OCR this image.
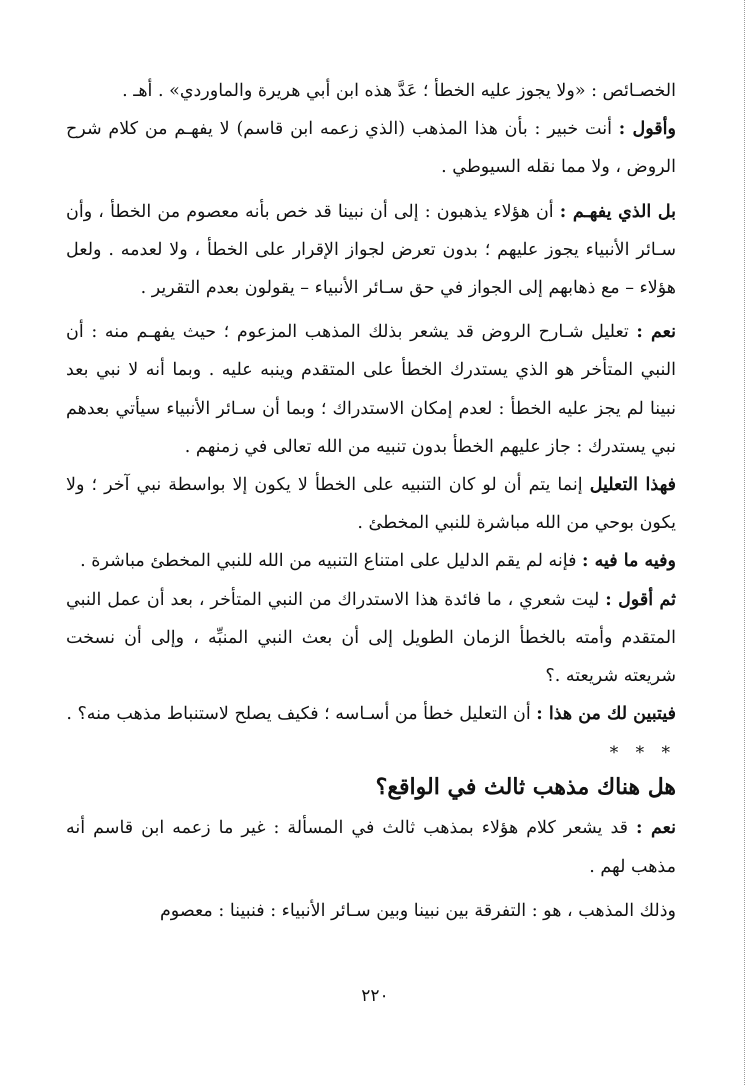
الخصـائص : «ولا يجوز عليه الخطأ ؛ عَدَّ هذه ابن أبي هريرة والماوردي» . أهـ .

وأقول : أنت خبير : بأن هذا المذهب (الذي زعمه ابن قاسم) لا يفهـم من كلام شرح الروض ، ولا مما نقله السيوطي .

بل الذي يفهـم : أن هؤلاء يذهبون : إلى أن نبينا قد خص بأنه معصوم من الخطأ ، وأن سـائر الأنبياء يجوز عليهم ؛ بدون تعرض لجواز الإقرار على الخطأ ، ولا لعدمه . ولعل هؤلاء – مع ذهابهم إلى الجواز في حق سـائر الأنبياء – يقولون بعدم التقرير .

نعم : تعليل شـارح الروض قد يشعر بذلك المذهب المزعوم ؛ حيث يفهـم منه : أن النبي المتأخر هو الذي يستدرك الخطأ على المتقدم وينبه عليه . وبما أنه لا نبي بعد نبينا لم يجز عليه الخطأ : لعدم إمكان الاستدراك ؛ وبما أن سـائر الأنبياء سيأتي بعدهم نبي يستدرك : جاز عليهم الخطأ بدون تنبيه من الله تعالى في زمنهم .

فهذا التعليل إنما يتم أن لو كان التنبيه على الخطأ لا يكون إلا بواسطة نبي آخر ؛ ولا يكون بوحي من الله مباشرة للنبي المخطئ .

وفيه ما فيه : فإنه لم يقم الدليل على امتناع التنبيه من الله للنبي المخطئ مباشرة .

ثم أقول : ليت شعري ، ما فائدة هذا الاستدراك من النبي المتأخر ، بعد أن عمل النبي المتقدم وأمته بالخطأ الزمان الطويل إلى أن بعث النبي المنبِّه ، وإلى أن نسخت شريعته شريعته .؟

فيتبين لك من هذا : أن التعليل خطأ من أسـاسه ؛ فكيف يصلح لاستنباط مذهب منه؟ .

* * *
هل هناك مذهب ثالث في الواقع؟

نعم : قد يشعر كلام هؤلاء بمذهب ثالث في المسألة : غير ما زعمه ابن قاسم أنه مذهب لهم .

وذلك المذهب ، هو : التفرقة بين نبينا وبين سـائر الأنبياء : فنبينا : معصوم

٢٢٠
